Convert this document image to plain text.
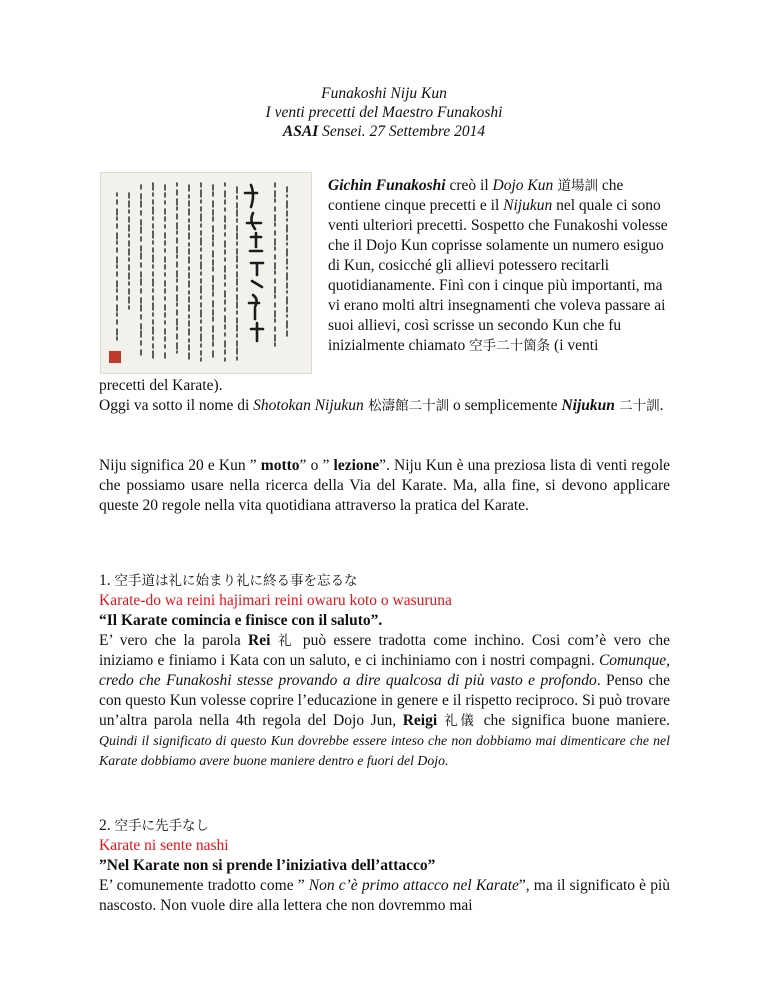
Funakoshi Niju Kun
I venti precetti del Maestro Funakoshi
ASAI Sensei. 27 Settembre 2014
Gichin Funakoshi creò il Dojo Kun 道場訓 che contiene cinque precetti e il Nijukun nel quale ci sono venti ulteriori precetti. Sospetto che Funakoshi volesse che il Dojo Kun coprisse solamente un numero esiguo di Kun, cosicché gli allievi potessero recitarli quotidianamente. Finì con i cinque più importanti, ma vi erano molti altri insegnamenti che voleva passare ai suoi allievi, così scrisse un secondo Kun che fu inizialmente chiamato 空手二十箇条 (i venti

precetti del Karate).

Oggi va sotto il nome di Shotokan Nijukun 松濤館二十訓 o semplicemente Nijukun 二十訓.

Niju significa 20 e Kun ” motto” o ” lezione”. Niju Kun è una preziosa lista di venti regole che possiamo usare nella ricerca della Via del Karate. Ma, alla fine, si devono applicare queste 20 regole nella vita quotidiana attraverso la pratica del Karate.

1. 空手道は礼に始まり礼に終る事を忘るな

Karate-do wa reini hajimari reini owaru koto o wasuruna

“Il Karate comincia e finisce con il saluto”.

E’ vero che la parola Rei 礼 può essere tradotta come inchino. Cosi com’è vero che iniziamo e finiamo i Kata con un saluto, e ci inchiniamo con i nostri compagni. Comunque, credo che Funakoshi stesse provando a dire qualcosa di più vasto e profondo. Penso che con questo Kun volesse coprire l’educazione in genere e il rispetto reciproco. Si può trovare un’altra parola nella 4th regola del Dojo Jun, Reigi 礼儀 che significa buone maniere. Quindi il significato di questo Kun dovrebbe essere inteso che non dobbiamo mai dimenticare che nel Karate dobbiamo avere buone maniere dentro e fuori del Dojo.

2. 空手に先手なし

Karate ni sente nashi

”Nel Karate non si prende l’iniziativa dell’attacco”

E’ comunemente tradotto come ” Non c’è primo attacco nel Karate”, ma il significato è più nascosto. Non vuole dire alla lettera che non dovremmo mai
